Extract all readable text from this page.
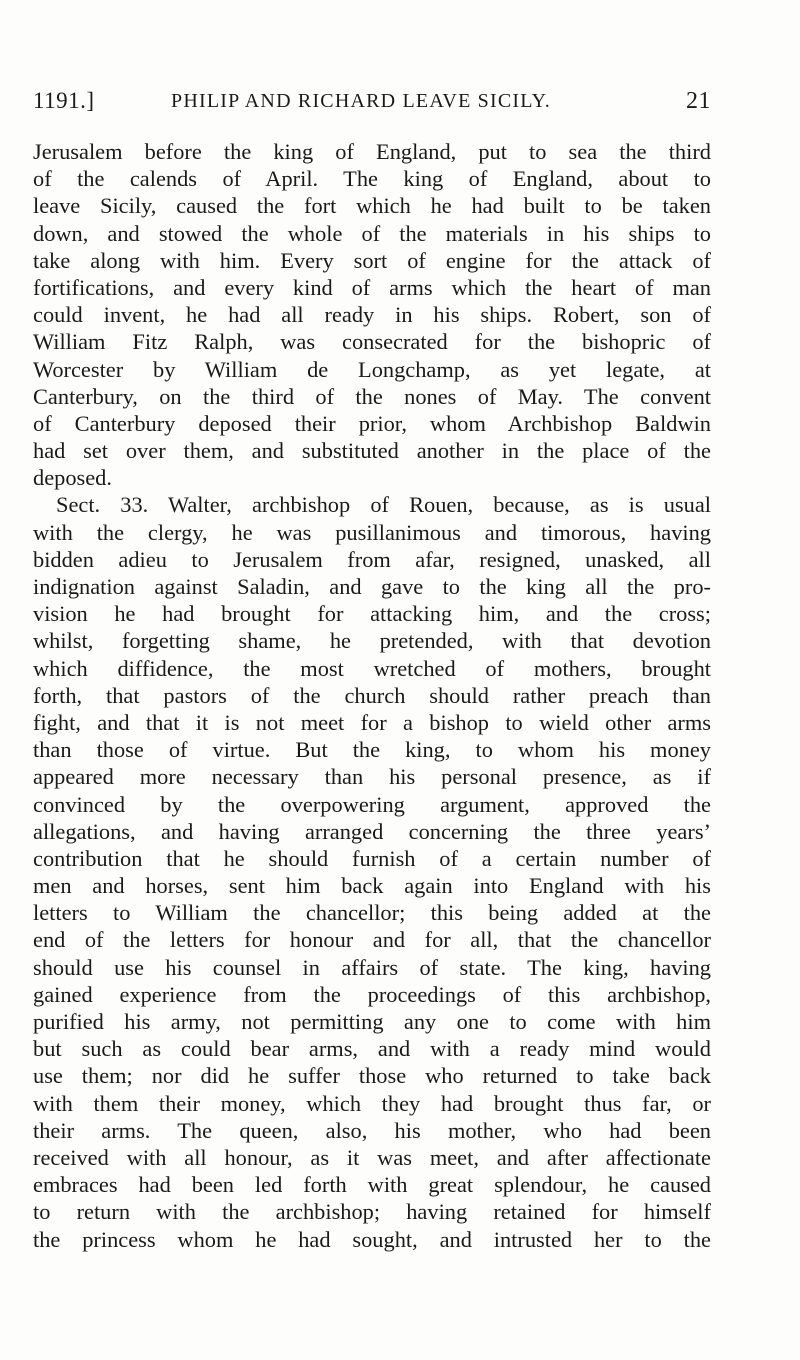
1191.]	PHILIP AND RICHARD LEAVE SICILY.	21
Jerusalem before the king of England, put to sea the third
of the calends of April. The king of England, about to
leave Sicily, caused the fort which he had built to be taken
down, and stowed the whole of the materials in his ships to
take along with him. Every sort of engine for the attack of
fortifications, and every kind of arms which the heart of man
could invent, he had all ready in his ships. Robert, son of
William Fitz Ralph, was consecrated for the bishopric of
Worcester by William de Longchamp, as yet legate, at
Canterbury, on the third of the nones of May. The convent
of Canterbury deposed their prior, whom Archbishop Baldwin
had set over them, and substituted another in the place of the
deposed.
Sect. 33. Walter, archbishop of Rouen, because, as is usual
with the clergy, he was pusillanimous and timorous, having
bidden adieu to Jerusalem from afar, resigned, unasked, all
indignation against Saladin, and gave to the king all the pro-
vision he had brought for attacking him, and the cross;
whilst, forgetting shame, he pretended, with that devotion
which diffidence, the most wretched of mothers, brought
forth, that pastors of the church should rather preach than
fight, and that it is not meet for a bishop to wield other arms
than those of virtue. But the king, to whom his money
appeared more necessary than his personal presence, as if
convinced by the overpowering argument, approved the
allegations, and having arranged concerning the three years’
contribution that he should furnish of a certain number of
men and horses, sent him back again into England with his
letters to William the chancellor; this being added at the
end of the letters for honour and for all, that the chancellor
should use his counsel in affairs of state. The king, having
gained experience from the proceedings of this archbishop,
purified his army, not permitting any one to come with him
but such as could bear arms, and with a ready mind would
use them; nor did he suffer those who returned to take back
with them their money, which they had brought thus far, or
their arms. The queen, also, his mother, who had been
received with all honour, as it was meet, and after affectionate
embraces had been led forth with great splendour, he caused
to return with the archbishop; having retained for himself
the princess whom he had sought, and intrusted her to the
